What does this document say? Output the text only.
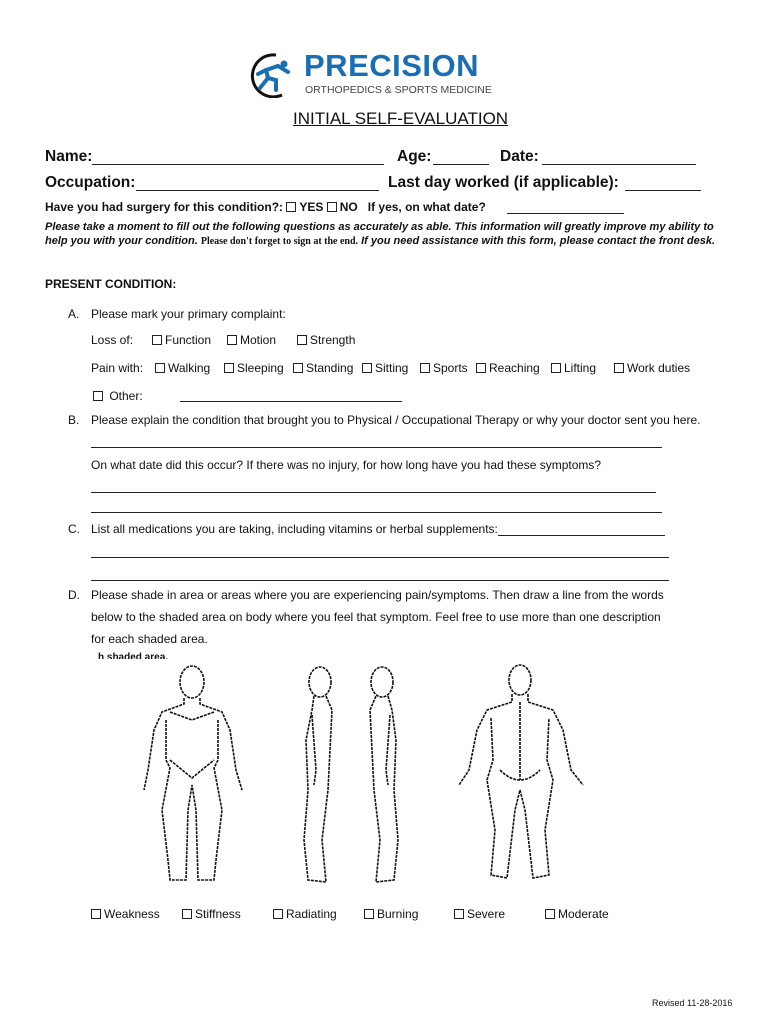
PRECISION
ORTHOPEDICS & SPORTS MEDICINE
INITIAL SELF-EVALUATION
Name:	Age:	Date:
Occupation:	Last day worked (if applicable):
Have you had surgery for this condition?: YES NO If yes, on what date?
Please take a moment to fill out the following questions as accurately as able. This information will greatly improve my ability to help you with your condition. Please don't forget to sign at the end. If you need assistance with this form, please contact the front desk.
PRESENT CONDITION:
A. Please mark your primary complaint:
Loss of:	Function	Motion	Strength
Pain with:	Walking	Sleeping	Standing	Sitting	Sports	Reaching	Lifting	Work duties
Other:
B. Please explain the condition that brought you to Physical / Occupational Therapy or why your doctor sent you here.
On what date did this occur? If there was no injury, for how long have you had these symptoms?
C. List all medications you are taking, including vitamins or herbal supplements:
D. Please shade in area or areas where you are experiencing pain/symptoms. Then draw a line from the words
below to the shaded area on body where you feel that symptom. Feel free to use more than one description
for each shaded area.
h shaded area.
Weakness	Stiffness	Radiating	Burning	Severe	Moderate
Revised 11-28-2016
